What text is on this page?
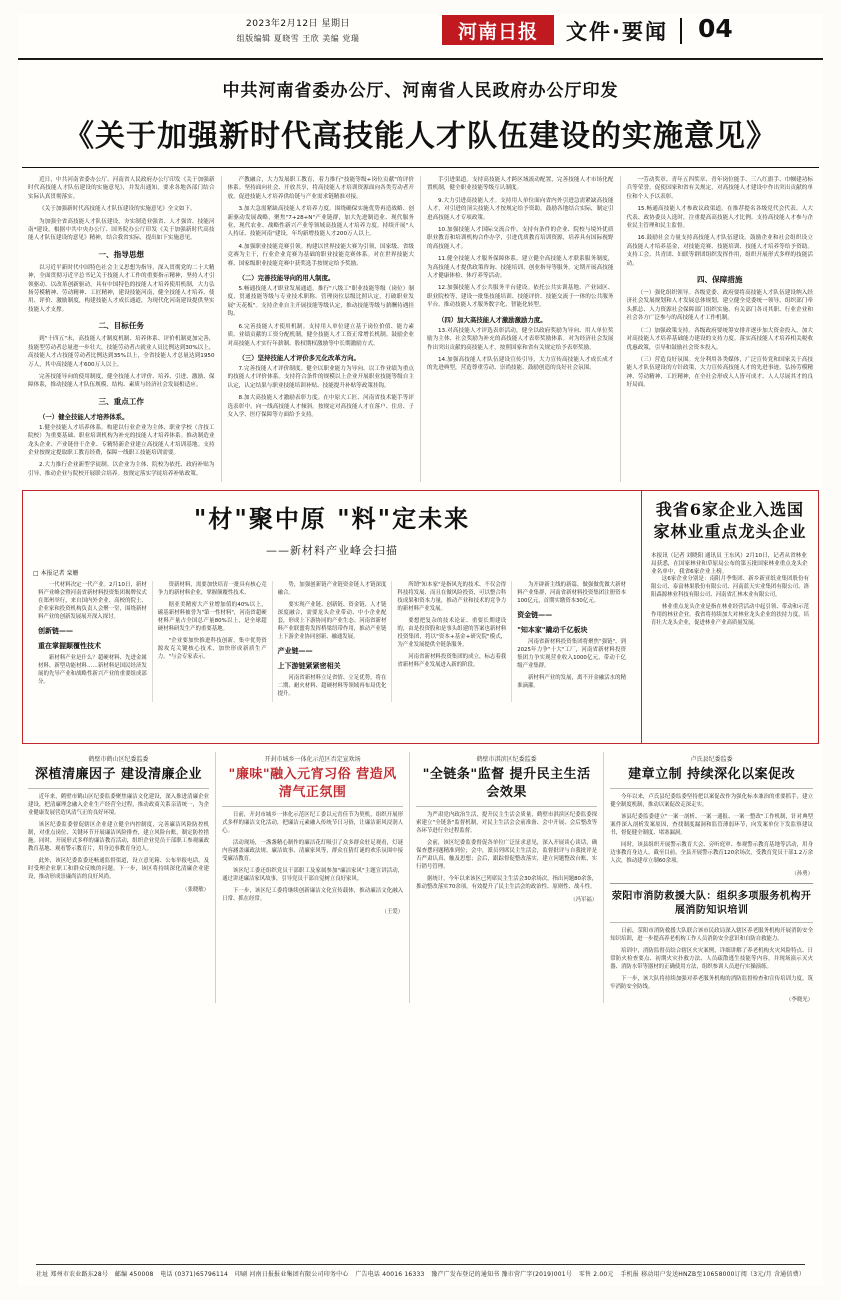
2023年2月12日 星期日
组版编辑 夏晓雪 王欣 美编 党瑞	河南日报	文件·要闻 04
中共河南省委办公厅、河南省人民政府办公厅印发
《关于加强新时代高技能人才队伍建设的实施意见》
近日，中共河南省委办公厅、河南省人民政府办公厅印发《关于加强新时代高技能人才队伍建设的实施意见》，并发出通知，要求各地各部门结合实际认真贯彻落实。
《关于加强新时代高技能人才队伍建设的实施意见》全文如下。
为加强全省高技能人才队伍建设，夯实制造业强省、人才强省、技能河南*建设，根据中共中央办公厅、国务院办公厅印发《关于加强新时代高技能人才队伍建设的意见》精神，结合我省实际，提出如下实施意见。
一、指导思想
以习近平新时代中国特色社会主义思想为指导，深入贯彻党的二十大精神，全面贯彻习近平总书记关于技能人才工作的重要指示精神，坚持人才引领驱动、以改革创新驱动，具有中国特色的技能人才培养使用机制，大力弘扬劳模精神、劳动精神、工匠精神，建设技能河南，健全技能人才培养、使用、评价、激励制度，构建技能人才成长通道，为现代化河南建设提供坚实技能人才支撑。
二、目标任务
到"十四五"末，高技能人才制度机制、培养体系、评价机制更加完善，技能型劳动者总量进一步壮大，技能劳动者占就业人员比例达到30%以上，高技能人才占技能劳动者比例达到35%以上，全省技能人才总量达到1950万人，其中高技能人才600万人以上。
完善技能导向的使用制度，健全技能人才评价、培养、引进、激励、保障体系，推动技能人才队伍规模、结构、素质与经济社会发展相适应。
三、重点工作
（一）健全技能人才培养体系。
1.健全技能人才培养体系。构建以行业企业为主体、职业学校（含技工院校）为重要基础、职业培训机构为补充的技能人才培养体系。推动制造业龙头企业、产业链骨干企业、专精特新企业建立高技能人才培训基地。支持企业按规定提取职工教育经费，保障一线职工技能培训需要。
2.大力推行企业新型学徒制。以企业为主体、院校为依托、政府补贴为引导，推动企业与院校开展联合培养。按规定落实学徒培养补贴政策。
产教融合，大力发展职工教育，着力推行"技能等级+岗位贡献"的评价体系。坚持面向社会、开放共享，将高技能人才培训资源面向各类劳动者开放，促进技能人才培养供给链与产业需求链精准对接。
3.加大急需紧缺高技能人才培养力度。围绕确保实施优势再造战略、创新驱动发展战略，聚焦"7+28+N"产业链群，加大先进制造业、现代服务业、现代农业、战略性新兴产业等领域高技能人才培养力度。持续开展"人人持证、技能河南"建设，年均新增技能人才200万人以上。
4.加强职业技能竞赛引领。构建以世界技能大赛为引领，国家级、省级竞赛为主干，行业企业竞赛为基础的职业技能竞赛体系。对在世界技能大赛、国家级职业技能竞赛中获奖选手按规定给予奖励。
（二）完善技能导向的用人制度。
5.畅通技能人才职业发展通道。推行"八级工"职业技能等级（岗位）制度，贯通技能等级与专业技术职称、管理岗位层级比照认定，打破职业发展"天花板"。支持企业自主开展技能等级认定，推动技能等级与薪酬待遇挂钩。
6.完善技能人才使用机制。支持用人单位建立基于岗位价值、能力素质、业绩贡献的工资分配机制，健全技能人才工资正常增长机制。鼓励企业对高技能人才实行年薪制、股权期权激励等中长期激励方式。
（三）坚持技能人才评价多元化改革方向。
7.完善技能人才评价制度。健全以职业能力为导向、以工作业绩为重点的技能人才评价体系。支持符合条件的规模以上企业开展职业技能等级自主认定，认定结果与职业技能培训补贴、技能提升补贴等政策挂钩。
8.加大高技能人才激励表彰力度。在中原大工匠、河南省技术能手等评选表彰中，向一线高技能人才倾斜。按规定对高技能人才在落户、住房、子女入学、医疗保障等方面给予支持。
手引进渠道。支持高技能人才跨区域流动配置，完善技能人才市场化配置机制，健全职业技能等级互认制度。
9.大力引进高技能人才。支持用人单位面向省内外引进急需紧缺高技能人才，对引进的顶尖技能人才按规定给予资助。鼓励各地结合实际，制定引进高技能人才专项政策。
10.加强技能人才国际交流合作。支持有条件的企业、院校与境外优质职业教育和培训机构合作办学，引进优质教育培训资源，培养具有国际视野的高技能人才。
11.健全技能人才服务保障体系。建立健全高技能人才联系服务制度，为高技能人才提供政策咨询、技能培训、创业指导等服务。定期开展高技能人才健康体检、休疗养等活动。
12.加强技能人才公共服务平台建设。依托公共实训基地、产业园区、职业院校等，建设一批集技能培训、技能评价、技能交流于一体的公共服务平台。推动技能人才服务数字化、智能化转型。
（四）加大高技能人才激励激励力度。
13.对高技能人才评选表彰活动，健全以政府奖励为导向、用人单位奖励为主体、社会奖励为补充的高技能人才表彰奖励体系。对为经济社会发展作出突出贡献的高技能人才，按照国家和省有关规定给予表彰奖励。
14.加强高技能人才队伍建设宣传引导，大力宣传高技能人才成长成才的先进典型，营造尊重劳动、崇尚技能、鼓励创造的良好社会氛围。
一劳动奖章、青年五四奖章、青年岗位能手、三八红旗手、巾帼建功标兵等荣誉，促使国家和省有关规定，对高技能人才建设中作出突出贡献的单位和个人予以表彰。
15.畅通高技能人才参政议政渠道。在推荐提名各级党代会代表、人大代表、政协委员人选时，注重提高高技能人才比例。支持高技能人才参与企业民主管理和民主监督。
16.鼓励社会力量支持高技能人才队伍建设。鼓励企业和社会组织设立高技能人才培养基金，对技能竞赛、技能培训、技能人才培养等给予资助。支持工会、共青团、妇联等群团组织发挥作用，组织开展形式多样的技能活动。
四、保障措施
（一）强化组织领导。各级党委、政府要将高技能人才队伍建设纳入经济社会发展规划和人才发展总体规划，建立健全党委统一领导、组织部门牵头抓总、人力资源社会保障部门组织实施、有关部门各司其职、行业企业和社会各方广泛参与的高技能人才工作机制。
（二）加强政策支持。各级政府要统筹安排并逐步加大资金投入，加大对高技能人才培养基础能力建设的支持力度。落实高技能人才培养相关税收优惠政策，引导和鼓励社会资本投入。
（三）营造良好氛围。充分利用各类媒体，广泛宣传党和国家关于高技能人才队伍建设的方针政策，大力宣传高技能人才的先进事迹，弘扬劳模精神、劳动精神、工匠精神，在全社会形成人人皆可成才、人人尽展其才的良好局面。
"材"聚中原 "料"定未来
——新材料产业峰会扫描
□ 本报记者 栾姗
一代材料决定一代产业。2月10日，新材料产业峰会暨河南省新材料投资集团揭牌仪式在郑州举行，来自国内外企业、高校的院士、企业家和投资机构负责人会聚一堂，围绕新材料产业的创新发展展开深入探讨。
创新链——
重在掌握颠覆性技术
新材料产业是什么？超硬材料、先进金属材料、新型功能材料……新材料是国民经济发展的先导产业和战略性新兴产业的重要组成部分。
资新材料，需要加快培育一批具有核心竞争力的新材料企业，掌握颠覆性技术。
据亚美精密大产业增加值的40%以上，碳基新材料被誉为"第一性材料"，河南省超硬材料产量占全国总产量80%以上，是全球超硬材料研发生产的重要基地。
"企业要加快推进科技创新，集中优势资源攻克关键核心技术，加快形成新质生产力。"与会专家表示。
势，加强创新链产业链资金链人才链深度融合。
要实现产业链、创新链、资金链、人才链深度融合，需要龙头企业带动、中小企业配套，形成上下游协同的产业生态。河南省新材料产业联盟将发挥桥梁纽带作用，推动产业链上下游企业协同创新、融通发展。
产业链——
上下游链紧紧密相关
河南省新材料立足省情、立足优势，将在二期、耐火材料、超硬材料等领域再布局优化提升。
所谓"知本家"是指风光的技术、不仅会得科技将发展、而且在做风险投资，可以整合科技成果和资本力量，推动产业和技术的竞争力的新材料产业发展。
要想把复杂的技术论证、重要长期建设的，由是投资股和是事头组建的答案也新材料投资集团，将以"资本+基金+研究院"模式，为产业发展提供全链条服务。
河南省新材料投资集团的成立，标志着我省新材料产业发展进入新的阶段。
为开辟新主线的新篇，做强做优做大新材料产业集群，河南省新材料投资集团注册资本100亿元，首期实缴资本30亿元。
资金链——
"知本家"撬动千亿板块
河南省新材料投资集团将聚焦"强链"，到2025年力争"十大"工厂，河南省新材料投资集团力争实现营业收入1000亿元，带动千亿级产业集群。
新材料产业的发展，离不开金融活水的精准滴灌。
我省6家企业入选国家林业重点龙头企业
本报讯（记者 刘晓阳 通讯员 王东风）2月10日，记者从省林业局获悉，在国家林业和草原局公布的第五批国家林业重点龙头企业名单中，我省6家企业上榜。
这6家企业分别是：南阳月季集团、新乡新亚纸业集团股份有限公司、泰富林果股份有限公司、河南蓝天实业集团有限公司、洛阳森源林业科技有限公司、河南省汇林木业有限公司。
林业重点龙头企业是指在林业经营活动中起引领、带动和示范作用的林业企业。我省将持续加大对林业龙头企业的扶持力度，培育壮大龙头企业，促进林业产业高质量发展。
鹤壁市鹤山区纪委监委
深植清廉因子 建设清廉企业
近年来，鹤壁市鹤山区纪委监委聚焦廉洁文化建设，深入推进清廉企业建设，把清廉理念融入企业生产经营全过程，推动政商关系亲清统一，为企业健康发展营造风清气正的良好环境。
该区纪委监委督促辖区企业建立健全内控制度，完善廉洁风险防控机制，对重点岗位、关键环节开展廉洁风险排查，建立风险台账，制定防控措施。同时，开展形式多样的廉洁教育活动，组织企业党员干部职工参观廉政教育基地、观看警示教育片，用身边事教育身边人。
此外，该区纪委监委还畅通监督渠道，设立意见箱、公布举报电话，及时受理企业职工和群众反映的问题。下一步，该区将持续深化清廉企业建设，推动形成崇廉尚洁的良好风尚。
（张晓敏）
开封市城乡一体化示范区否定宣欢场
"廉味"融入元宵习俗 营造风清气正氛围
日前，开封市城乡一体化示范区纪工委以元宵佳节为契机，组织开展形式多样的廉洁文化活动，把廉洁元素融入传统节日习俗，让廉洁新风浸润人心。
活动现场，一盏盏精心制作的廉洁花灯吸引了众多群众驻足观看，灯谜内容涵盖廉政法规、廉洁故事、清廉家风等，群众在猜灯谜的欢乐氛围中接受廉洁教育。
该区纪工委还组织党员干部职工及家属参加"廉洁家风"主题宣讲活动，通过讲述廉洁家风故事，引导党员干部自觉树立良好家风。
下一步，该区纪工委将继续创新廉洁文化宣传载体，推动廉洁文化融入日常、抓在经常。
（王爱）
鹤壁市淇滨区纪委监委
"全链条"监督 提升民主生活会效果
为严肃党内政治生活，提升民主生活会质量，鹤壁市淇滨区纪委监委探索建立"全链条"监督机制，对民主生活会会前准备、会中开展、会后整改等各环节进行全过程监督。
会前，该区纪委监委督促各单位广泛征求意见，深入开展谈心谈话，确保查摆问题精准到位；会中，派员列席民主生活会，监督批评与自我批评是否严肃认真、触及思想；会后，跟踪督促整改落实，建立问题整改台账，实行销号管理。
据统计，今年以来该区已列席民主生活会30余场次，指出问题80余条，推动整改落实70余项，有效提升了民主生活会的政治性、原则性、战斗性。
（冯军福）
卢氏县纪委监委
建章立制 持续深化以案促改
今年以来，卢氏县纪委监委坚持把以案促改作为强化标本兼治的重要抓手，建立健全制度机制，推动以案促改走深走实。
该县纪委监委建立"一案一剖析、一案一通报、一案一整改"工作机制，针对典型案件深入剖析发案原因，查找制度漏洞和监管薄弱环节，向发案单位下发监察建议书，督促健全制度、堵塞漏洞。
同时，该县组织开展警示教育大会、旁听庭审、参观警示教育基地等活动，用身边事教育身边人。截至目前，全县开展警示教育120余场次，受教育党员干部1.2万余人次，推动建章立制60余项。
（孙勇）
荥阳市消防救援大队：组织多项服务机构开展消防知识培训
日前，荥阳市消防救援大队联合该市民政局深入辖区养老服务机构开展消防安全知识培训，进一步提高养老机构工作人员消防安全意识和自防自救能力。
培训中，消防监督员结合辖区火灾案例，详细讲解了养老机构火灾风险特点、日常防火检查要点、初期火灾扑救方法、人员疏散逃生技能等内容，并现场演示灭火器、消防水带等器材的正确使用方法，组织参训人员进行实操演练。
下一步，该大队将持续加强对养老服务机构的消防监督检查和宣传培训力度，筑牢消防安全防线。
（李晓光）
社址 郑州市农业路东28号 邮编 450008 电话 (0371)65796114 印刷 河南日报报业集团有限公司印务中心 广告电话 40016 16333 豫产广发布登记的通知书 豫市营广字(2019)001号 零售 2.00元 手机报 移动用户发送HNZB至10658000订阅（3元/月 含通信费）
